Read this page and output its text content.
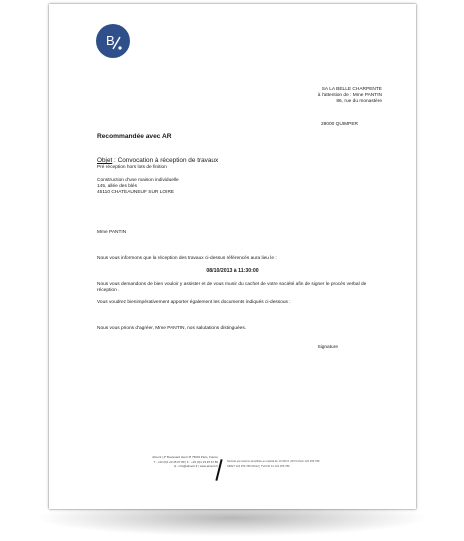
B
SA LA BELLE CHARPENTE
à l'attention de : Mme PANTIN
86, rue du monastère
29000 QUIMPER
Recommandée avec AR
Objet : Convocation à réception de travaux
Pré réception hors lots de finition
Construction d'une maison individuelle
145, allée des blés
45110 CHATEAUNEUF SUR LOIRE
Mme PANTIN
Nous vous informons que la réception des travaux ci-dessus référencés aura lieu le :
08/10/2013 à 11:30:00
Nous vous demandons de bien vouloir y assister et de vous munir du cachet de votre société afin de signer le procès verbal de réception .
Vous voudrez bienimpérativement apporter également les documents indiqués ci-dessous :
Nous vous prions d'agréer, Mme PANTIN, nos salutations distinguées.
Signature
Almerti | 2ᵉ Boulevard Henri Pl 75004 Paris, France
T : +33 (0)1 23 45 67 89 | F : +33 (0)1 23 45 67 89
E : info@almerti.fr | www.almerti.fr
Société par actions simplifiée au capital de 10 000 € | RCS Paris 123 456 789
SIRET 123 456 789 00012 | TVA FR 12 123 456 789
